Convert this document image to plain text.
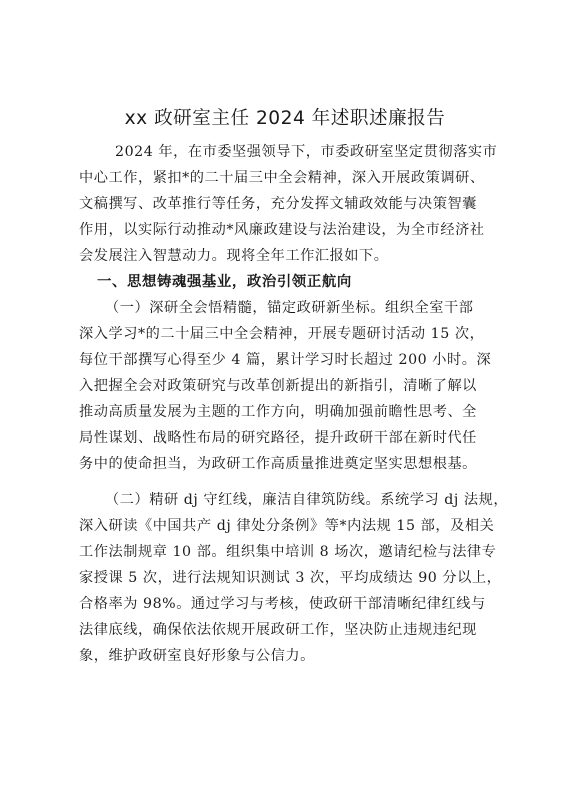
xx 政研室主任 2024 年述职述廉报告
2024 年，在市委坚强领导下，市委政研室坚定贯彻落实市
中心工作，紧扣*的二十届三中全会精神，深入开展政策调研、
文稿撰写、改革推行等任务，充分发挥文辅政效能与决策智囊
作用，以实际行动推动*风廉政建设与法治建设，为全市经济社
会发展注入智慧动力。现将全年工作汇报如下。
一、思想铸魂强基业，政治引领正航向
（一）深研全会悟精髓，锚定政研新坐标。组织全室干部
深入学习*的二十届三中全会精神，开展专题研讨活动 15 次，
每位干部撰写心得至少 4 篇，累计学习时长超过 200 小时。深
入把握全会对政策研究与改革创新提出的新指引，清晰了解以
推动高质量发展为主题的工作方向，明确加强前瞻性思考、全
局性谋划、战略性布局的研究路径，提升政研干部在新时代任
务中的使命担当，为政研工作高质量推进奠定坚实思想根基。
（二）精研 dj 守红线，廉洁自律筑防线。系统学习 dj 法规，
深入研读《中国共产 dj 律处分条例》等*内法规 15 部，及相关
工作法制规章 10 部。组织集中培训 8 场次，邀请纪检与法律专
家授课 5 次，进行法规知识测试 3 次，平均成绩达 90 分以上，
合格率为 98%。通过学习与考核，使政研干部清晰纪律红线与
法律底线，确保依法依规开展政研工作，坚决防止违规违纪现
象，维护政研室良好形象与公信力。
